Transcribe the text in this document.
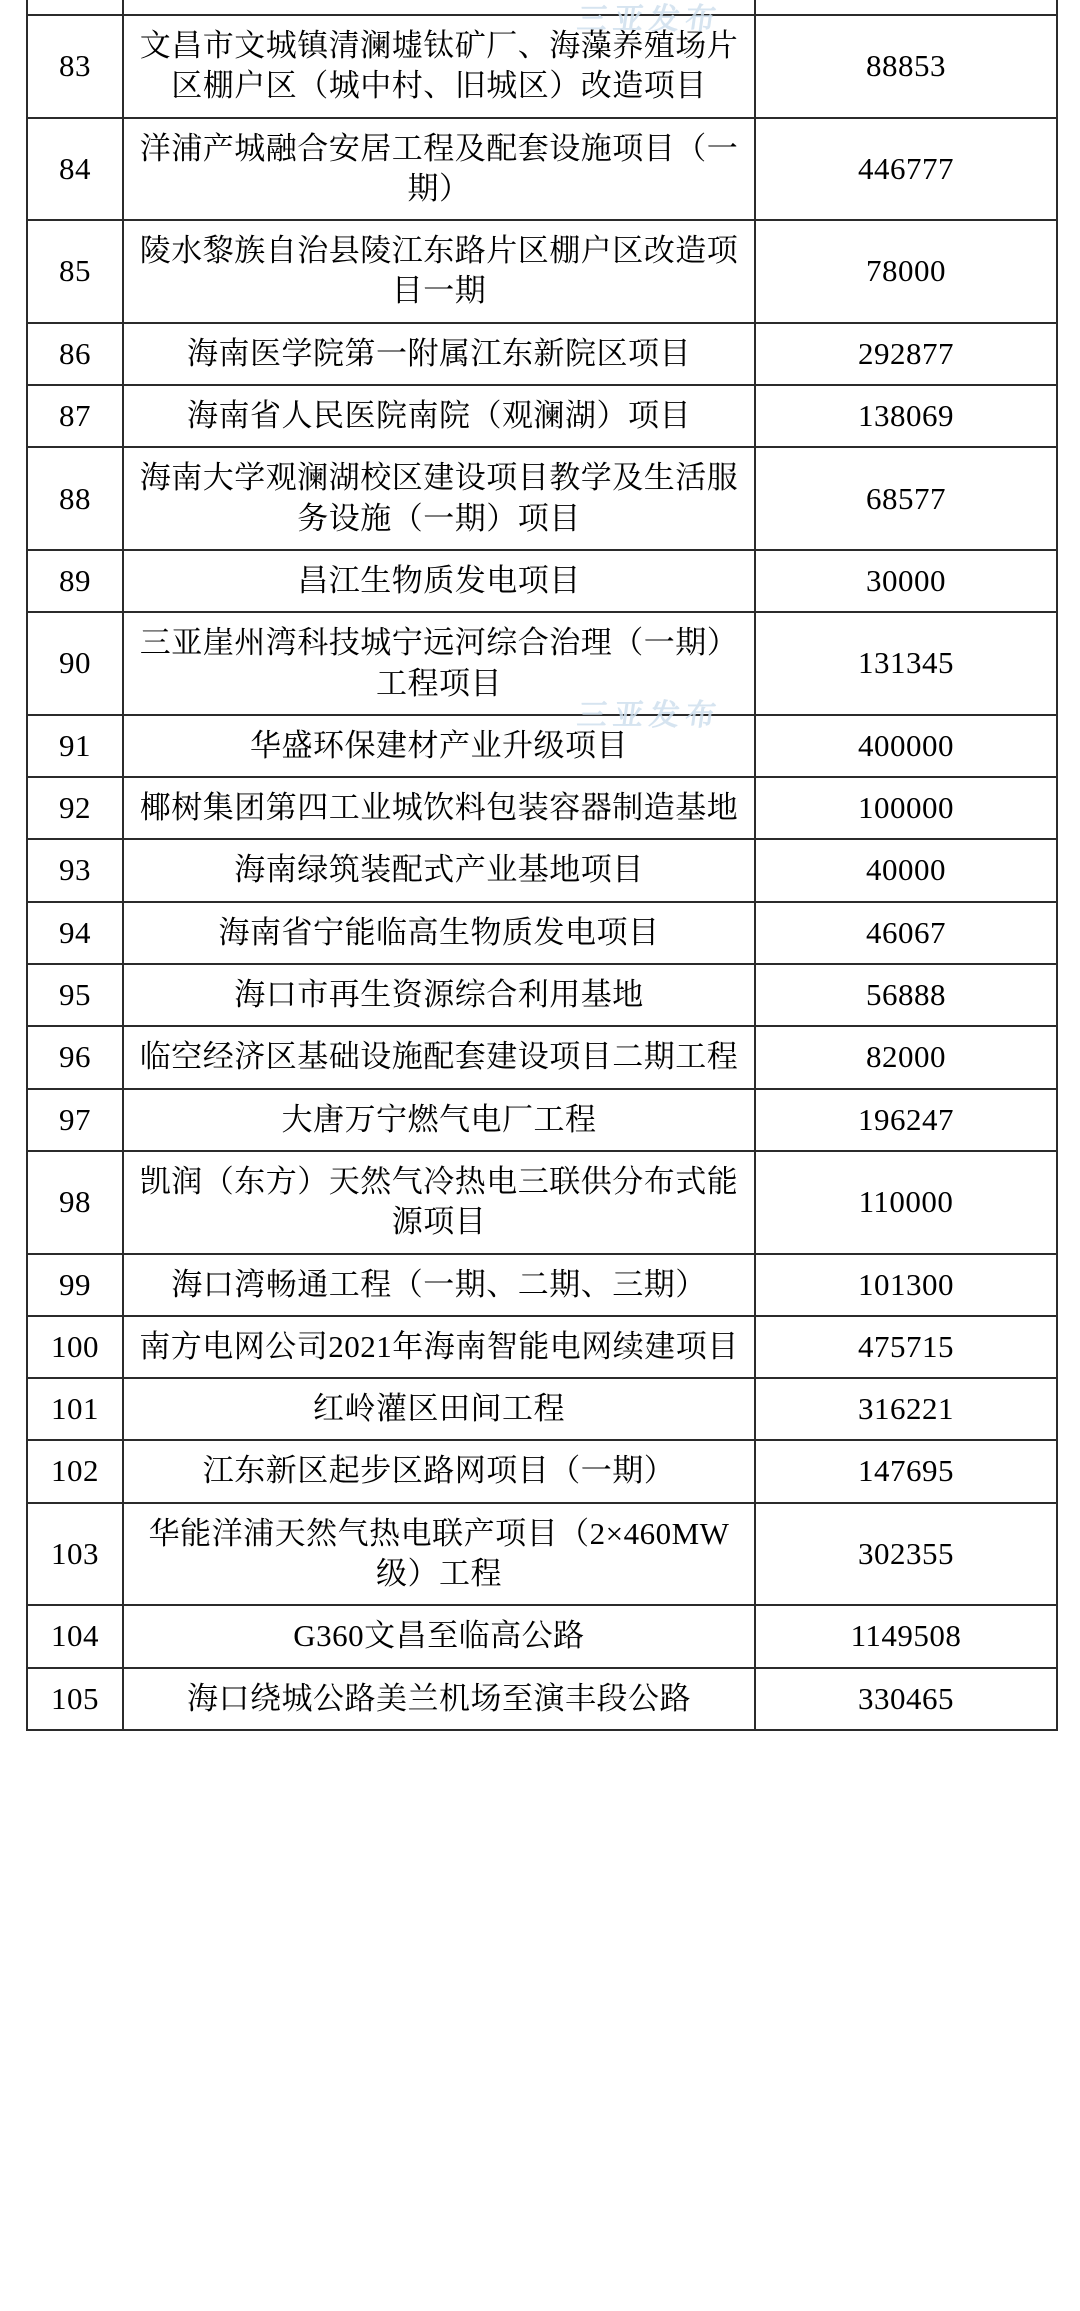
三亚发布
三亚发布

83	文昌市文城镇清澜墟钛矿厂、海藻养殖场片区棚户区（城中村、旧城区）改造项目	88853
84	洋浦产城融合安居工程及配套设施项目（一期）	446777
85	陵水黎族自治县陵江东路片区棚户区改造项目一期	78000
86	海南医学院第一附属江东新院区项目	292877
87	海南省人民医院南院（观澜湖）项目	138069
88	海南大学观澜湖校区建设项目教学及生活服务设施（一期）项目	68577
89	昌江生物质发电项目	30000
90	三亚崖州湾科技城宁远河综合治理（一期）工程项目	131345
91	华盛环保建材产业升级项目	400000
92	椰树集团第四工业城饮料包装容器制造基地	100000
93	海南绿筑装配式产业基地项目	40000
94	海南省宁能临高生物质发电项目	46067
95	海口市再生资源综合利用基地	56888
96	临空经济区基础设施配套建设项目二期工程	82000
97	大唐万宁燃气电厂工程	196247
98	凯润（东方）天然气冷热电三联供分布式能源项目	110000
99	海口湾畅通工程（一期、二期、三期）	101300
100	南方电网公司2021年海南智能电网续建项目	475715
101	红岭灌区田间工程	316221
102	江东新区起步区路网项目（一期）	147695
103	华能洋浦天然气热电联产项目（2×460MW级）工程	302355
104	G360文昌至临高公路	1149508
105	海口绕城公路美兰机场至演丰段公路	330465
